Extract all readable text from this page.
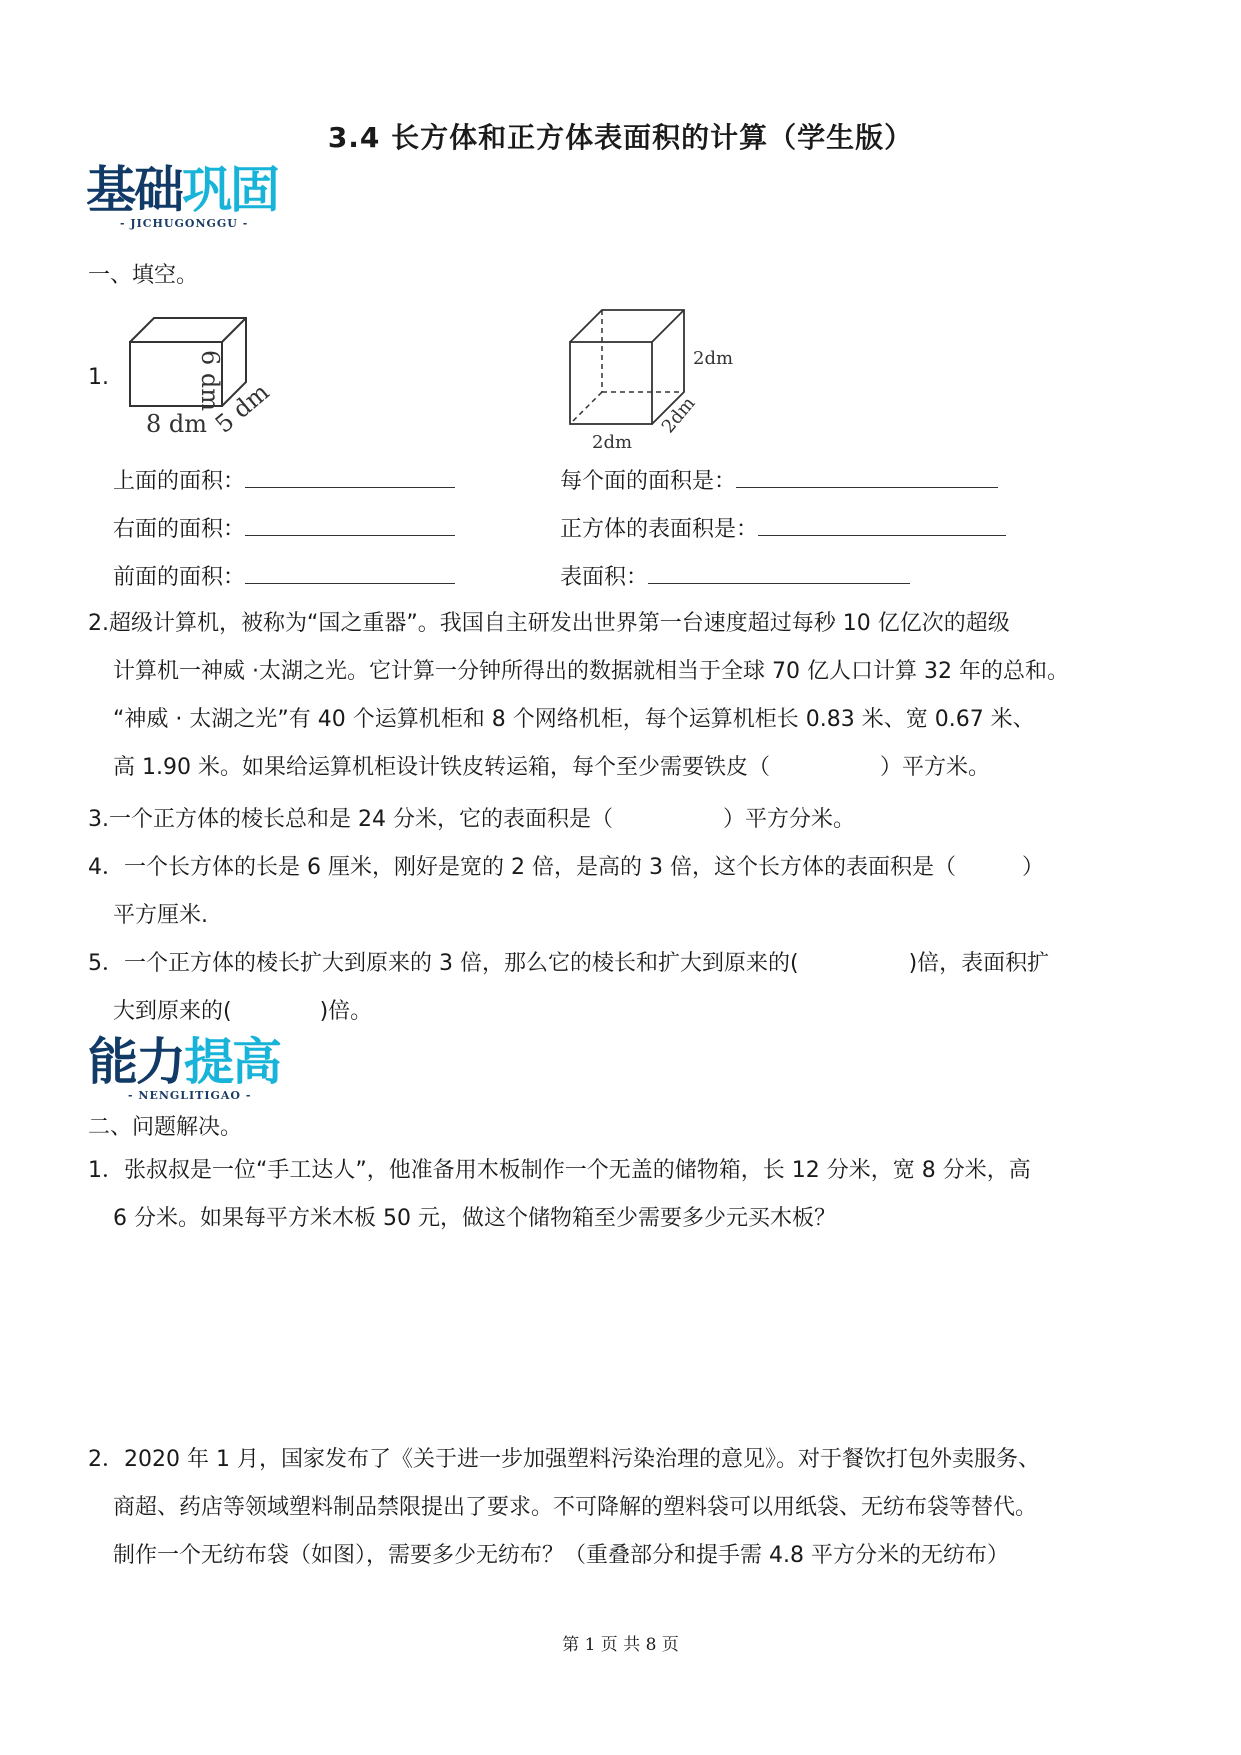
3.4 长方体和正方体表面积的计算（学生版）
基础巩固
- JICHUGONGGU -
一、填空。
1.	6 dm
8 dm 5 dm
2dm
2dm
2dm
上面的面积：
右面的面积：
前面的面积：
每个面的面积是：
正方体的表面积是：
表面积：
2.超级计算机，被称为“国之重器”。我国自主研发出世界第一台速度超过每秒 10 亿亿次的超级
计算机一神威 ·太湖之光。它计算一分钟所得出的数据就相当于全球 70 亿人口计算 32 年的总和。
“神威 · 太湖之光”有 40 个运算机柜和 8 个网络机柜，每个运算机柜长 0.83 米、宽 0.67 米、
高 1.90 米。如果给运算机柜设计铁皮转运箱，每个至少需要铁皮（　　　　　）平方米。
3.一个正方体的棱长总和是 24 分米，它的表面积是（　　　　　）平方分米。
4．一个长方体的长是 6 厘米，刚好是宽的 2 倍，是高的 3 倍，这个长方体的表面积是（　　　）
平方厘米.
5．一个正方体的棱长扩大到原来的 3 倍，那么它的棱长和扩大到原来的(　　　　　)倍，表面积扩
大到原来的(　　　　)倍。
能力提高
- NENGLITIGAO -
二、问题解决。
1．张叔叔是一位“手工达人”，他准备用木板制作一个无盖的储物箱，长 12 分米，宽 8 分米，高
6 分米。如果每平方米木板 50 元，做这个储物箱至少需要多少元买木板？
2．2020 年 1 月，国家发布了《关于进一步加强塑料污染治理的意见》。对于餐饮打包外卖服务、
商超、药店等领域塑料制品禁限提出了要求。不可降解的塑料袋可以用纸袋、无纺布袋等替代。
制作一个无纺布袋（如图），需要多少无纺布？（重叠部分和提手需 4.8 平方分米的无纺布）
第 1 页 共 8 页
